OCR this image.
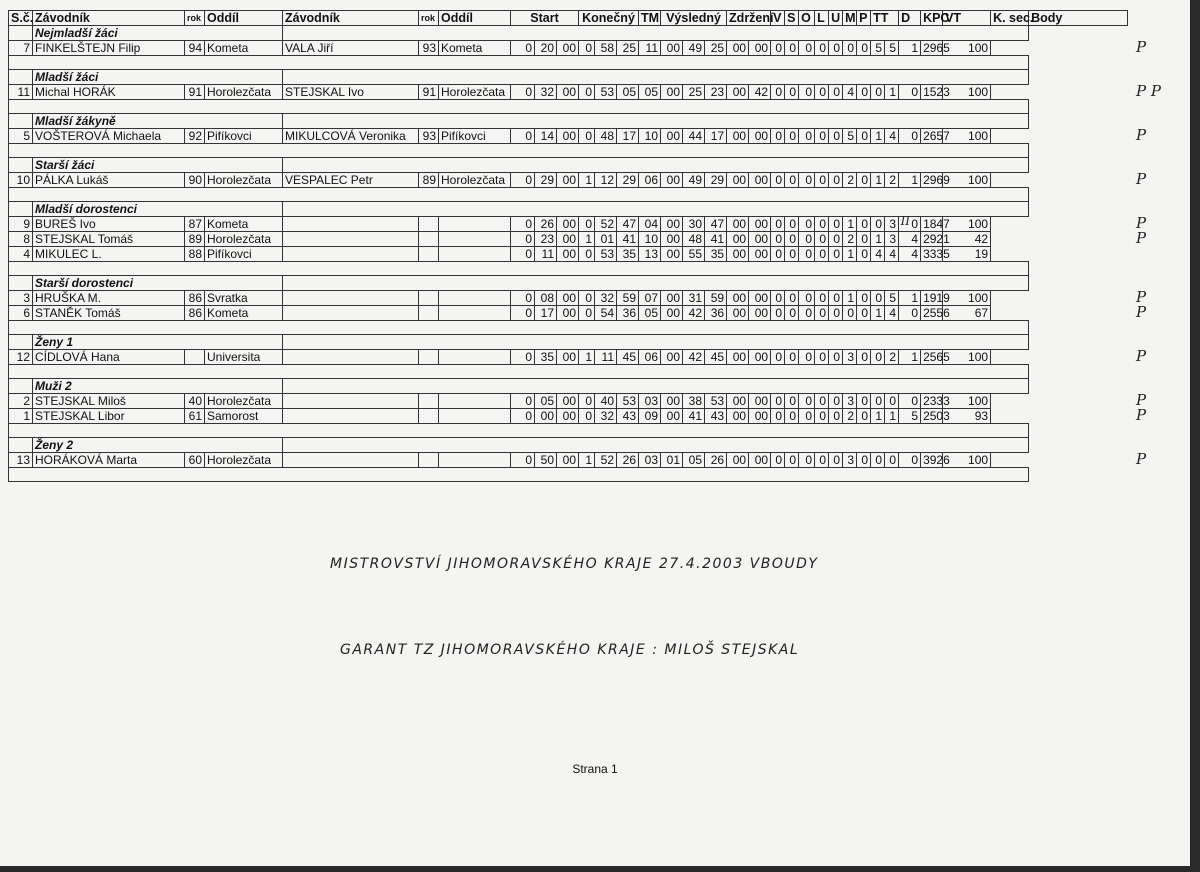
S.č.	Závodník	rok	Oddíl	Závodník	rok	Oddíl	Start			Konečný			TM	Výsledný			Zdržení		V	S	O	L	U	M	P	TT		D	KPC	VT	K. sec.	Body
	Nejmladší žáci																															
7	FINKELŠTEJN Filip	94	Kometa	VALA Jiří	93	Kometa	0	20	00	0	58	25	11	00	49	25	00	00	0	0	0	0	0	0	0	5	5	1	2965	100		

	Mladší žáci																															
11	Michal HORÁK	91	Horolezčata	STEJSKAL Ivo	91	Horolezčata	0	32	00	0	53	05	05	00	25	23	00	42	0	0	0	0	0	4	0	0	1	0	1523	100		

	Mladší žákyně																															
5	VOŠTEROVÁ Michaela	92	Pifíkovci	MIKULCOVÁ Veronika	93	Pifíkovci	0	14	00	0	48	17	10	00	44	17	00	00	0	0	0	0	0	5	0	1	4	0	2657	100		

	Starší žáci																															
10	PÁLKA Lukáš	90	Horolezčata	VESPALEC Petr	89	Horolezčata	0	29	00	1	12	29	06	00	49	29	00	00	0	0	0	0	0	2	0	1	2	1	2969	100		

	Mladší dorostenci																															
9	BUREŠ Ivo	87	Kometa				0	26	00	0	52	47	04	00	30	47	00	00	0	0	0	0	0	1	0	0	3	0	1847	100		
8	STEJSKAL Tomáš	89	Horolezčata				0	23	00	1	01	41	10	00	48	41	00	00	0	0	0	0	0	2	0	1	3	4	2921	42		
4	MIKULEC L.	88	Pifíkovci				0	11	00	0	53	35	13	00	55	35	00	00	0	0	0	0	0	1	0	4	4	4	3335	19		

	Starší dorostenci																															
3	HRUŠKA M.	86	Svratka				0	08	00	0	32	59	07	00	31	59	00	00	0	0	0	0	0	1	0	0	5	1	1919	100		
6	STANĚK Tomáš	86	Kometa				0	17	00	0	54	36	05	00	42	36	00	00	0	0	0	0	0	0	0	1	4	0	2556	67		

	Ženy 1																															
12	CÍDLOVÁ Hana		Universita				0	35	00	1	11	45	06	00	42	45	00	00	0	0	0	0	0	3	0	0	2	1	2565	100		

	Muži 2																															
2	STEJSKAL Miloš	40	Horolezčata				0	05	00	0	40	53	03	00	38	53	00	00	0	0	0	0	0	3	0	0	0	0	2333	100		
1	STEJSKAL Libor	61	Samorost				0	00	00	0	32	43	09	00	41	43	00	00	0	0	0	0	0	2	0	1	1	5	2503	93		

	Ženy 2																															
13	HORÁKOVÁ Marta	60	Horolezčata				0	50	00	1	52	26	03	01	05	26	00	00	0	0	0	0	0	3	0	0	0	0	3926	100		

P
P P
P
P
P
II
P
P
P
P
P
P
P
MISTROVSTVÍ JIHOMORAVSKÉHO KRAJE 27.4.2003 VBOUDY
GARANT TZ JIHOMORAVSKÉHO KRAJE : MILOŠ STEJSKAL
Strana 1
